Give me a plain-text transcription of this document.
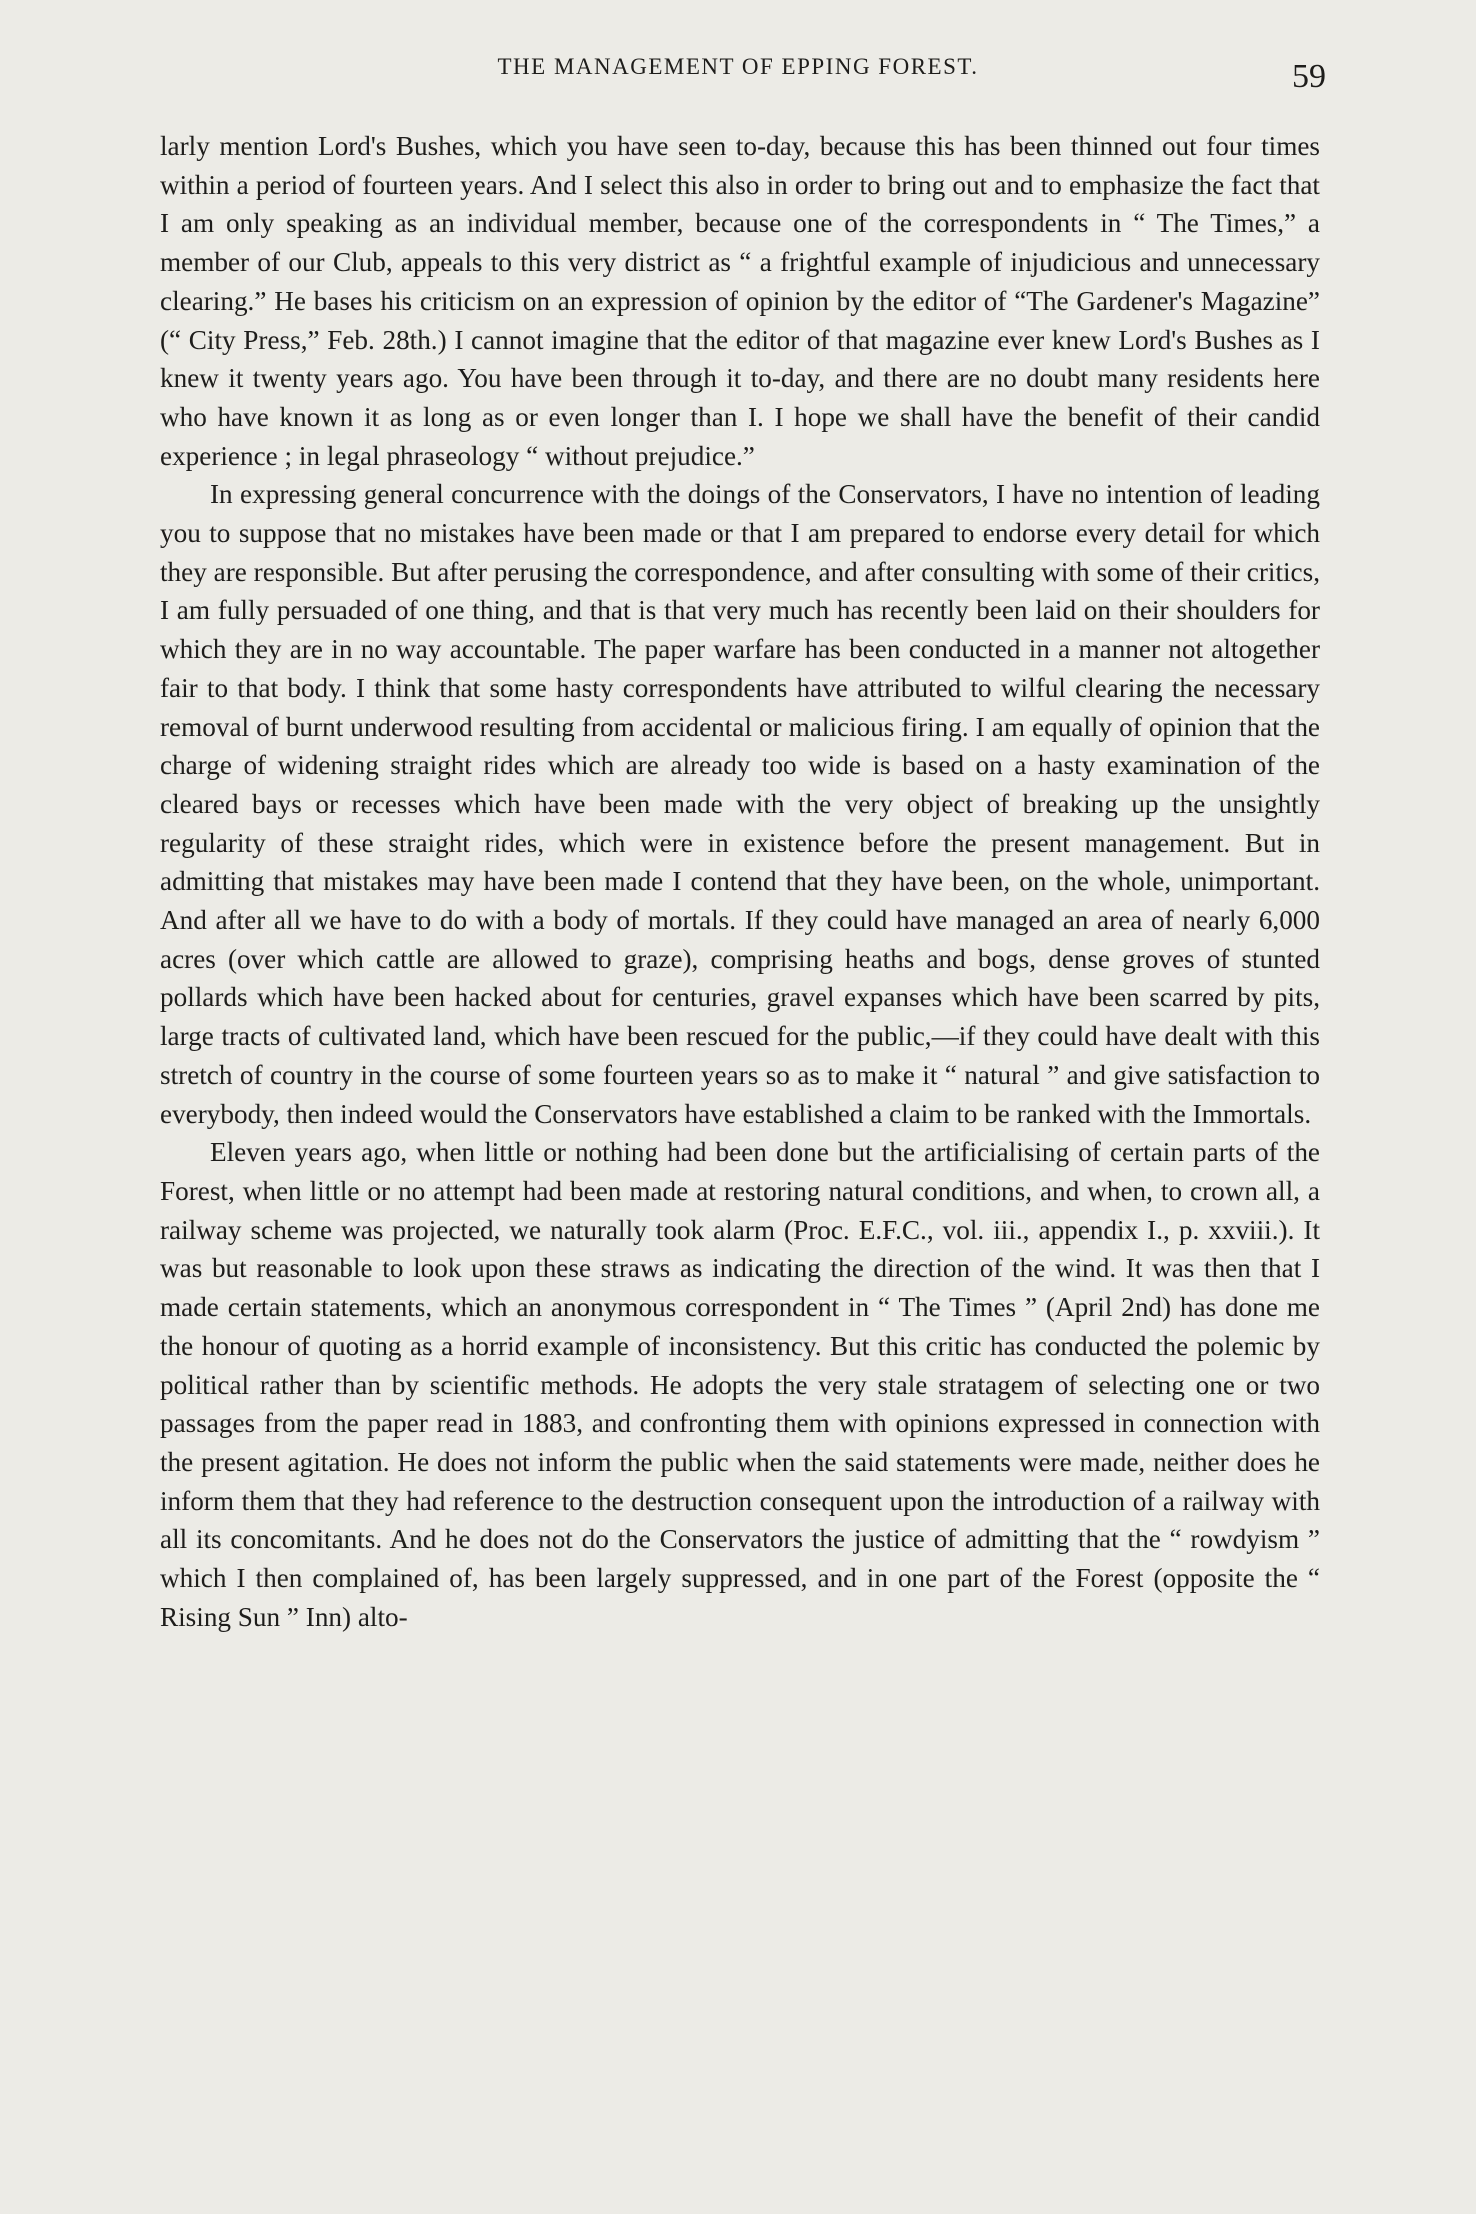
THE MANAGEMENT OF EPPING FOREST.	59

larly mention Lord's Bushes, which you have seen to-day, because this has been thinned out four times within a period of fourteen years. And I select this also in order to bring out and to emphasize the fact that I am only speaking as an individual member, because one of the correspondents in “ The Times,” a member of our Club, appeals to this very district as “ a frightful example of injudicious and unnecessary clearing.” He bases his criticism on an expression of opinion by the editor of “The Gardener's Magazine” (“ City Press,” Feb. 28th.) I cannot imagine that the editor of that magazine ever knew Lord's Bushes as I knew it twenty years ago. You have been through it to-day, and there are no doubt many residents here who have known it as long as or even longer than I. I hope we shall have the benefit of their candid experience ; in legal phraseology “ without prejudice.”

In expressing general concurrence with the doings of the Conservators, I have no intention of leading you to suppose that no mistakes have been made or that I am prepared to endorse every detail for which they are responsible. But after perusing the correspondence, and after consulting with some of their critics, I am fully persuaded of one thing, and that is that very much has recently been laid on their shoulders for which they are in no way accountable. The paper warfare has been conducted in a manner not altogether fair to that body. I think that some hasty correspondents have attributed to wilful clearing the necessary removal of burnt underwood resulting from accidental or malicious firing. I am equally of opinion that the charge of widening straight rides which are already too wide is based on a hasty examination of the cleared bays or recesses which have been made with the very object of breaking up the unsightly regularity of these straight rides, which were in existence before the present management. But in admitting that mistakes may have been made I contend that they have been, on the whole, unimportant. And after all we have to do with a body of mortals. If they could have managed an area of nearly 6,000 acres (over which cattle are allowed to graze), comprising heaths and bogs, dense groves of stunted pollards which have been hacked about for centuries, gravel expanses which have been scarred by pits, large tracts of cultivated land, which have been rescued for the public,—if they could have dealt with this stretch of country in the course of some fourteen years so as to make it “ natural ” and give satisfaction to everybody, then indeed would the Conservators have established a claim to be ranked with the Immortals.

Eleven years ago, when little or nothing had been done but the artificialising of certain parts of the Forest, when little or no attempt had been made at restoring natural conditions, and when, to crown all, a railway scheme was projected, we naturally took alarm (Proc. E.F.C., vol. iii., appendix I., p. xxviii.). It was but reasonable to look upon these straws as indicating the direction of the wind. It was then that I made certain statements, which an anonymous correspondent in “ The Times ” (April 2nd) has done me the honour of quoting as a horrid example of inconsistency. But this critic has conducted the polemic by political rather than by scientific methods. He adopts the very stale stratagem of selecting one or two passages from the paper read in 1883, and confronting them with opinions expressed in connection with the present agitation. He does not inform the public when the said statements were made, neither does he inform them that they had reference to the destruction consequent upon the introduction of a railway with all its concomitants. And he does not do the Conservators the justice of admitting that the “ rowdyism ” which I then complained of, has been largely suppressed, and in one part of the Forest (opposite the “ Rising Sun ” Inn) alto-
